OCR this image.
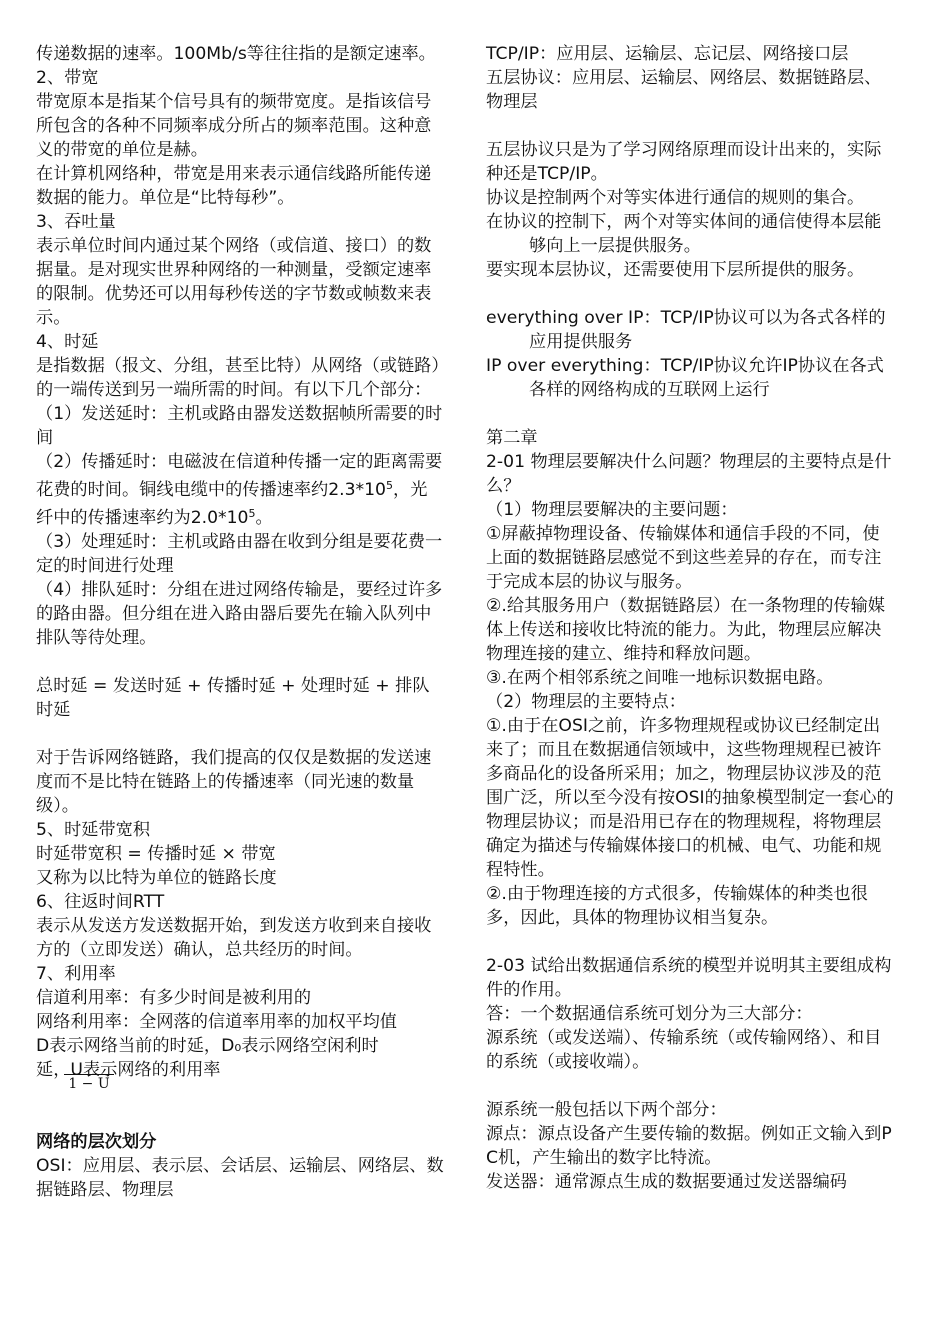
传递数据的速率。100Mb/s等往往指的是额定速率。

2、带宽

带宽原本是指某个信号具有的频带宽度。是指该信号所包含的各种不同频率成分所占的频率范围。这种意义的带宽的单位是赫。

在计算机网络种，带宽是用来表示通信线路所能传递数据的能力。单位是“比特每秒”。

3、吞吐量

表示单位时间内通过某个网络（或信道、接口）的数据量。是对现实世界种网络的一种测量，受额定速率的限制。优势还可以用每秒传送的字节数或帧数来表示。

4、时延

是指数据（报文、分组，甚至比特）从网络（或链路）的一端传送到另一端所需的时间。有以下几个部分：

（1）发送延时：主机或路由器发送数据帧所需要的时间

（2）传播延时：电磁波在信道种传播一定的距离需要花费的时间。铜线电缆中的传播速率约$2.3*10^5$，光纤中的传播速率约为$2.0*10^5$。

（3）处理延时：主机或路由器在收到分组是要花费一定的时间进行处理

（4）排队延时：分组在进过网络传输是，要经过许多的路由器。但分组在进入路由器后要先在输入队列中排队等待处理。

总时延 = 发送时延 + 传播时延 + 处理时延 + 排队时延

对于告诉网络链路，我们提高的仅仅是数据的发送速度而不是比特在链路上的传播速率（同光速的数量级）。

5、时延带宽积

时延带宽积 = 传播时延 × 带宽

又称为以比特为单位的链路长度

6、往返时间RTT

表示从发送方发送数据开始，到发送方收到来自接收方的（立即发送）确认，总共经历的时间。

7、利用率

信道利用率：有多少时间是被利用的

网络利用率：全网落的信道率用率的加权平均值

D表示网络当前的时延，D₀表示网络空闲利时

延，U表示网络的利用率
1 − U

网络的层次划分

OSI：应用层、表示层、会话层、运输层、网络层、数据链路层、物理层

TCP/IP：应用层、运输层、忘记层、网络接口层

五层协议：应用层、运输层、网络层、数据链路层、物理层

五层协议只是为了学习网络原理而设计出来的，实际种还是TCP/IP。

协议是控制两个对等实体进行通信的规则的集合。

在协议的控制下，两个对等实体间的通信使得本层能够向上一层提供服务。

要实现本层协议，还需要使用下层所提供的服务。

everything over IP：TCP/IP协议可以为各式各样的应用提供服务

IP over everything：TCP/IP协议允许IP协议在各式各样的网络构成的互联网上运行

第二章

2-01 物理层要解决什么问题？物理层的主要特点是什么？

（1）物理层要解决的主要问题：

①屏蔽掉物理设备、传输媒体和通信手段的不同，使上面的数据链路层感觉不到这些差异的存在，而专注于完成本层的协议与服务。

②.给其服务用户（数据链路层）在一条物理的传输媒体上传送和接收比特流的能力。为此，物理层应解决物理连接的建立、维持和释放问题。

③.在两个相邻系统之间唯一地标识数据电路。

（2）物理层的主要特点：

①.由于在OSI之前，许多物理规程或协议已经制定出来了；而且在数据通信领域中，这些物理规程已被许多商品化的设备所采用；加之，物理层协议涉及的范围广泛，所以至今没有按OSI的抽象模型制定一套心的物理层协议；而是沿用已存在的物理规程，将物理层确定为描述与传输媒体接口的机械、电气、功能和规程特性。

②.由于物理连接的方式很多，传输媒体的种类也很多，因此，具体的物理协议相当复杂。

2-03 试给出数据通信系统的模型并说明其主要组成构件的作用。

答：一个数据通信系统可划分为三大部分：

源系统（或发送端）、传输系统（或传输网络）、和目的系统（或接收端）。

源系统一般包括以下两个部分：

源点：源点设备产生要传输的数据。例如正文输入到PC机，产生输出的数字比特流。

发送器：通常源点生成的数据要通过发送器编码
